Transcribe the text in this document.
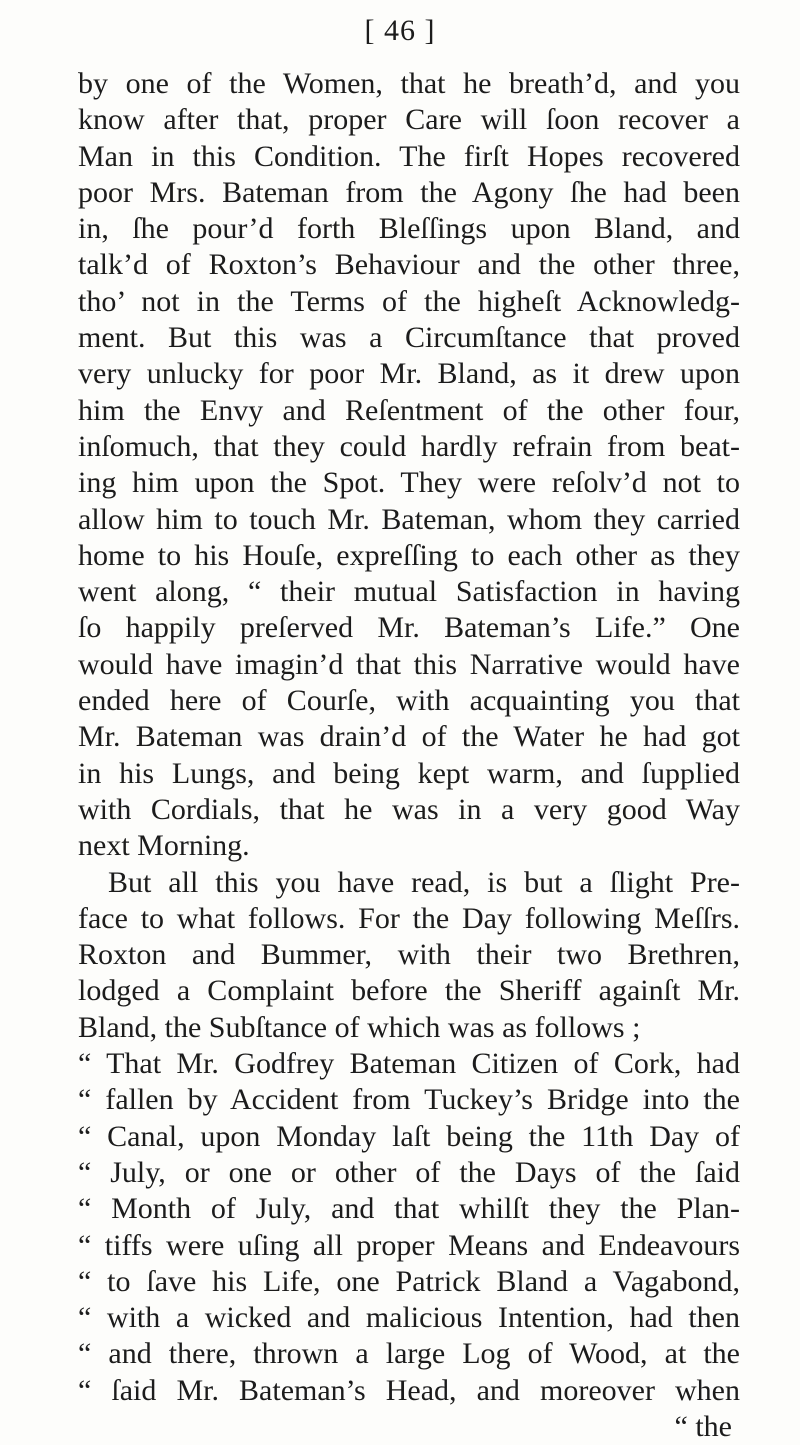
[ 46 ]
by one of the Women, that he breath’d, and you
know after that, proper Care will ſoon recover a
Man in this Condition. The firſt Hopes recovered
poor Mrs. Bateman from the Agony ſhe had been
in, ſhe pour’d forth Bleſſings upon Bland, and
talk’d of Roxton’s Behaviour and the other three,
tho’ not in the Terms of the higheſt Acknowledg-
ment. But this was a Circumſtance that proved
very unlucky for poor Mr. Bland, as it drew upon
him the Envy and Reſentment of the other four,
inſomuch, that they could hardly refrain from beat-
ing him upon the Spot. They were reſolv’d not to
allow him to touch Mr. Bateman, whom they carried
home to his Houſe, expreſſing to each other as they
went along, “ their mutual Satisfaction in having
ſo happily preſerved Mr. Bateman’s Life.” One
would have imagin’d that this Narrative would have
ended here of Courſe, with acquainting you that
Mr. Bateman was drain’d of the Water he had got
in his Lungs, and being kept warm, and ſupplied
with Cordials, that he was in a very good Way
next Morning.
But all this you have read, is but a ſlight Pre-
face to what follows. For the Day following Meſſrs.
Roxton and Bummer, with their two Brethren,
lodged a Complaint before the Sheriff againſt Mr.
Bland, the Subſtance of which was as follows ;
“ That Mr. Godfrey Bateman Citizen of Cork, had
“ fallen by Accident from Tuckey’s Bridge into the
“ Canal, upon Monday laſt being the 11th Day of
“ July, or one or other of the Days of the ſaid
“ Month of July, and that whilſt they the Plan-
“ tiffs were uſing all proper Means and Endeavours
“ to ſave his Life, one Patrick Bland a Vagabond,
“ with a wicked and malicious Intention, had then
“ and there, thrown a large Log of Wood, at the
“ ſaid Mr. Bateman’s Head, and moreover when
“ the
